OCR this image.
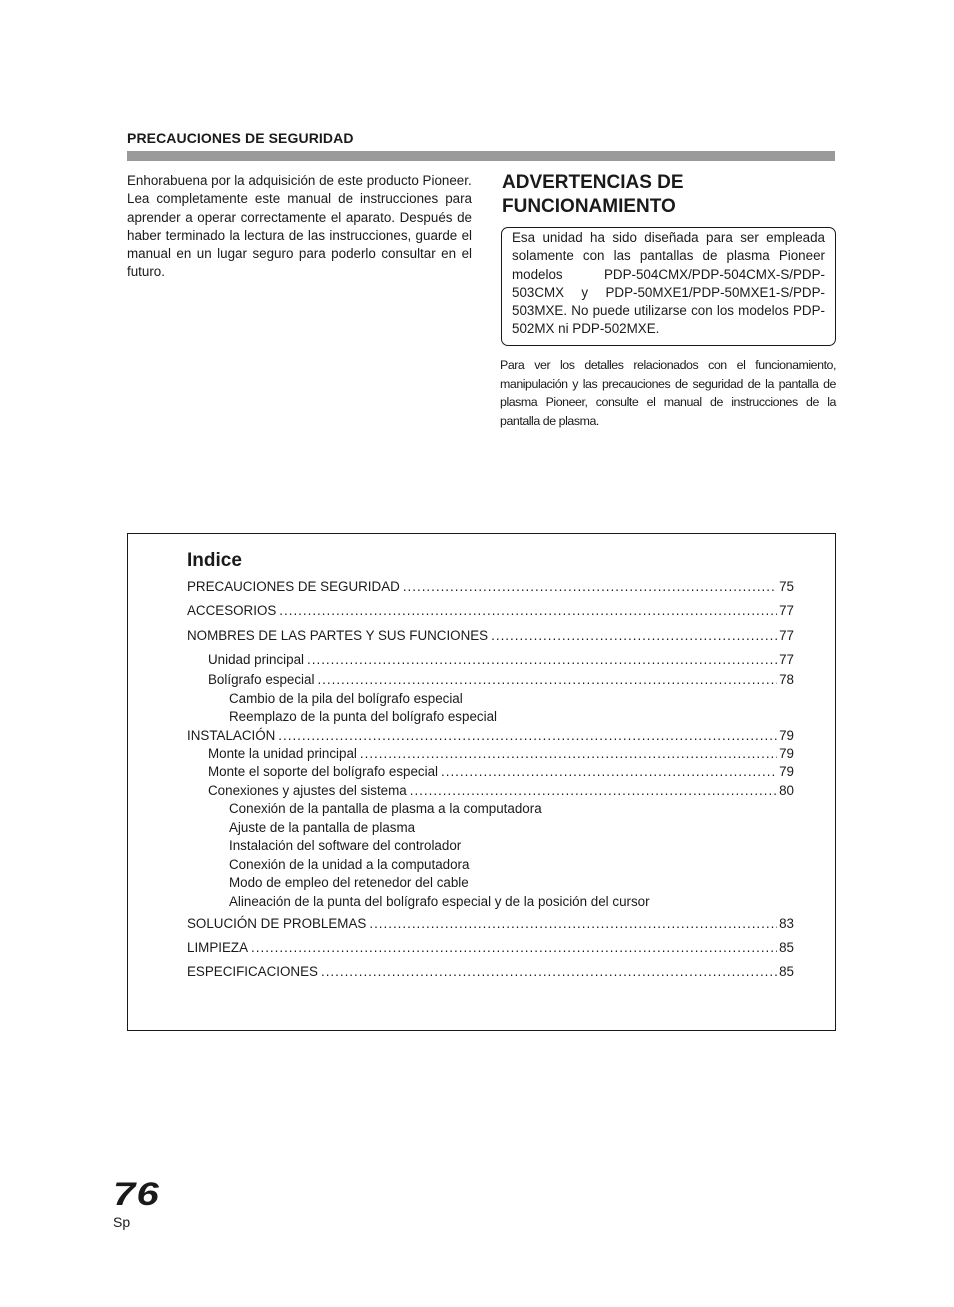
PRECAUCIONES DE SEGURIDAD

Enhorabuena por la adquisición de este producto Pioneer.

Lea completamente este manual de instrucciones para aprender a operar correctamente el aparato. Después de haber terminado la lectura de las instrucciones, guarde el manual en un lugar seguro para poderlo consultar en el futuro.

ADVERTENCIAS DE FUNCIONAMIENTO
Esa unidad ha sido diseñada para ser empleada solamente con las pantallas de plasma Pioneer modelos PDP-504CMX/PDP-504CMX-S/PDP-503CMX y PDP-50MXE1/PDP-50MXE1-S/PDP-503MXE. No puede utilizarse con los modelos PDP-502MX ni PDP-502MXE.
Para ver los detalles relacionados con el funcionamiento, manipulación y las precauciones de seguridad de la pantalla de plasma Pioneer, consulte el manual de instrucciones de la pantalla de plasma.
Indice
PRECAUCIONES DE SEGURIDAD .....	75
ACCESORIOS .....	77
NOMBRES DE LAS PARTES Y SUS FUNCIONES .....	77
Unidad principal .....	77
Bolígrafo especial .....	78
Cambio de la pila del bolígrafo especial
Reemplazo de la punta del bolígrafo especial
INSTALACIÓN .....	79
Monte la unidad principal .....	79
Monte el soporte del bolígrafo especial .....	79
Conexiones y ajustes del sistema .....	80
Conexión de la pantalla de plasma a la computadora
Ajuste de la pantalla de plasma
Instalación del software del controlador
Conexión de la unidad a la computadora
Modo de empleo del retenedor del cable
Alineación de la punta del bolígrafo especial y de la posición del cursor
SOLUCIÓN DE PROBLEMAS .....	83
LIMPIEZA .....	85
ESPECIFICACIONES .....	85
76
Sp
